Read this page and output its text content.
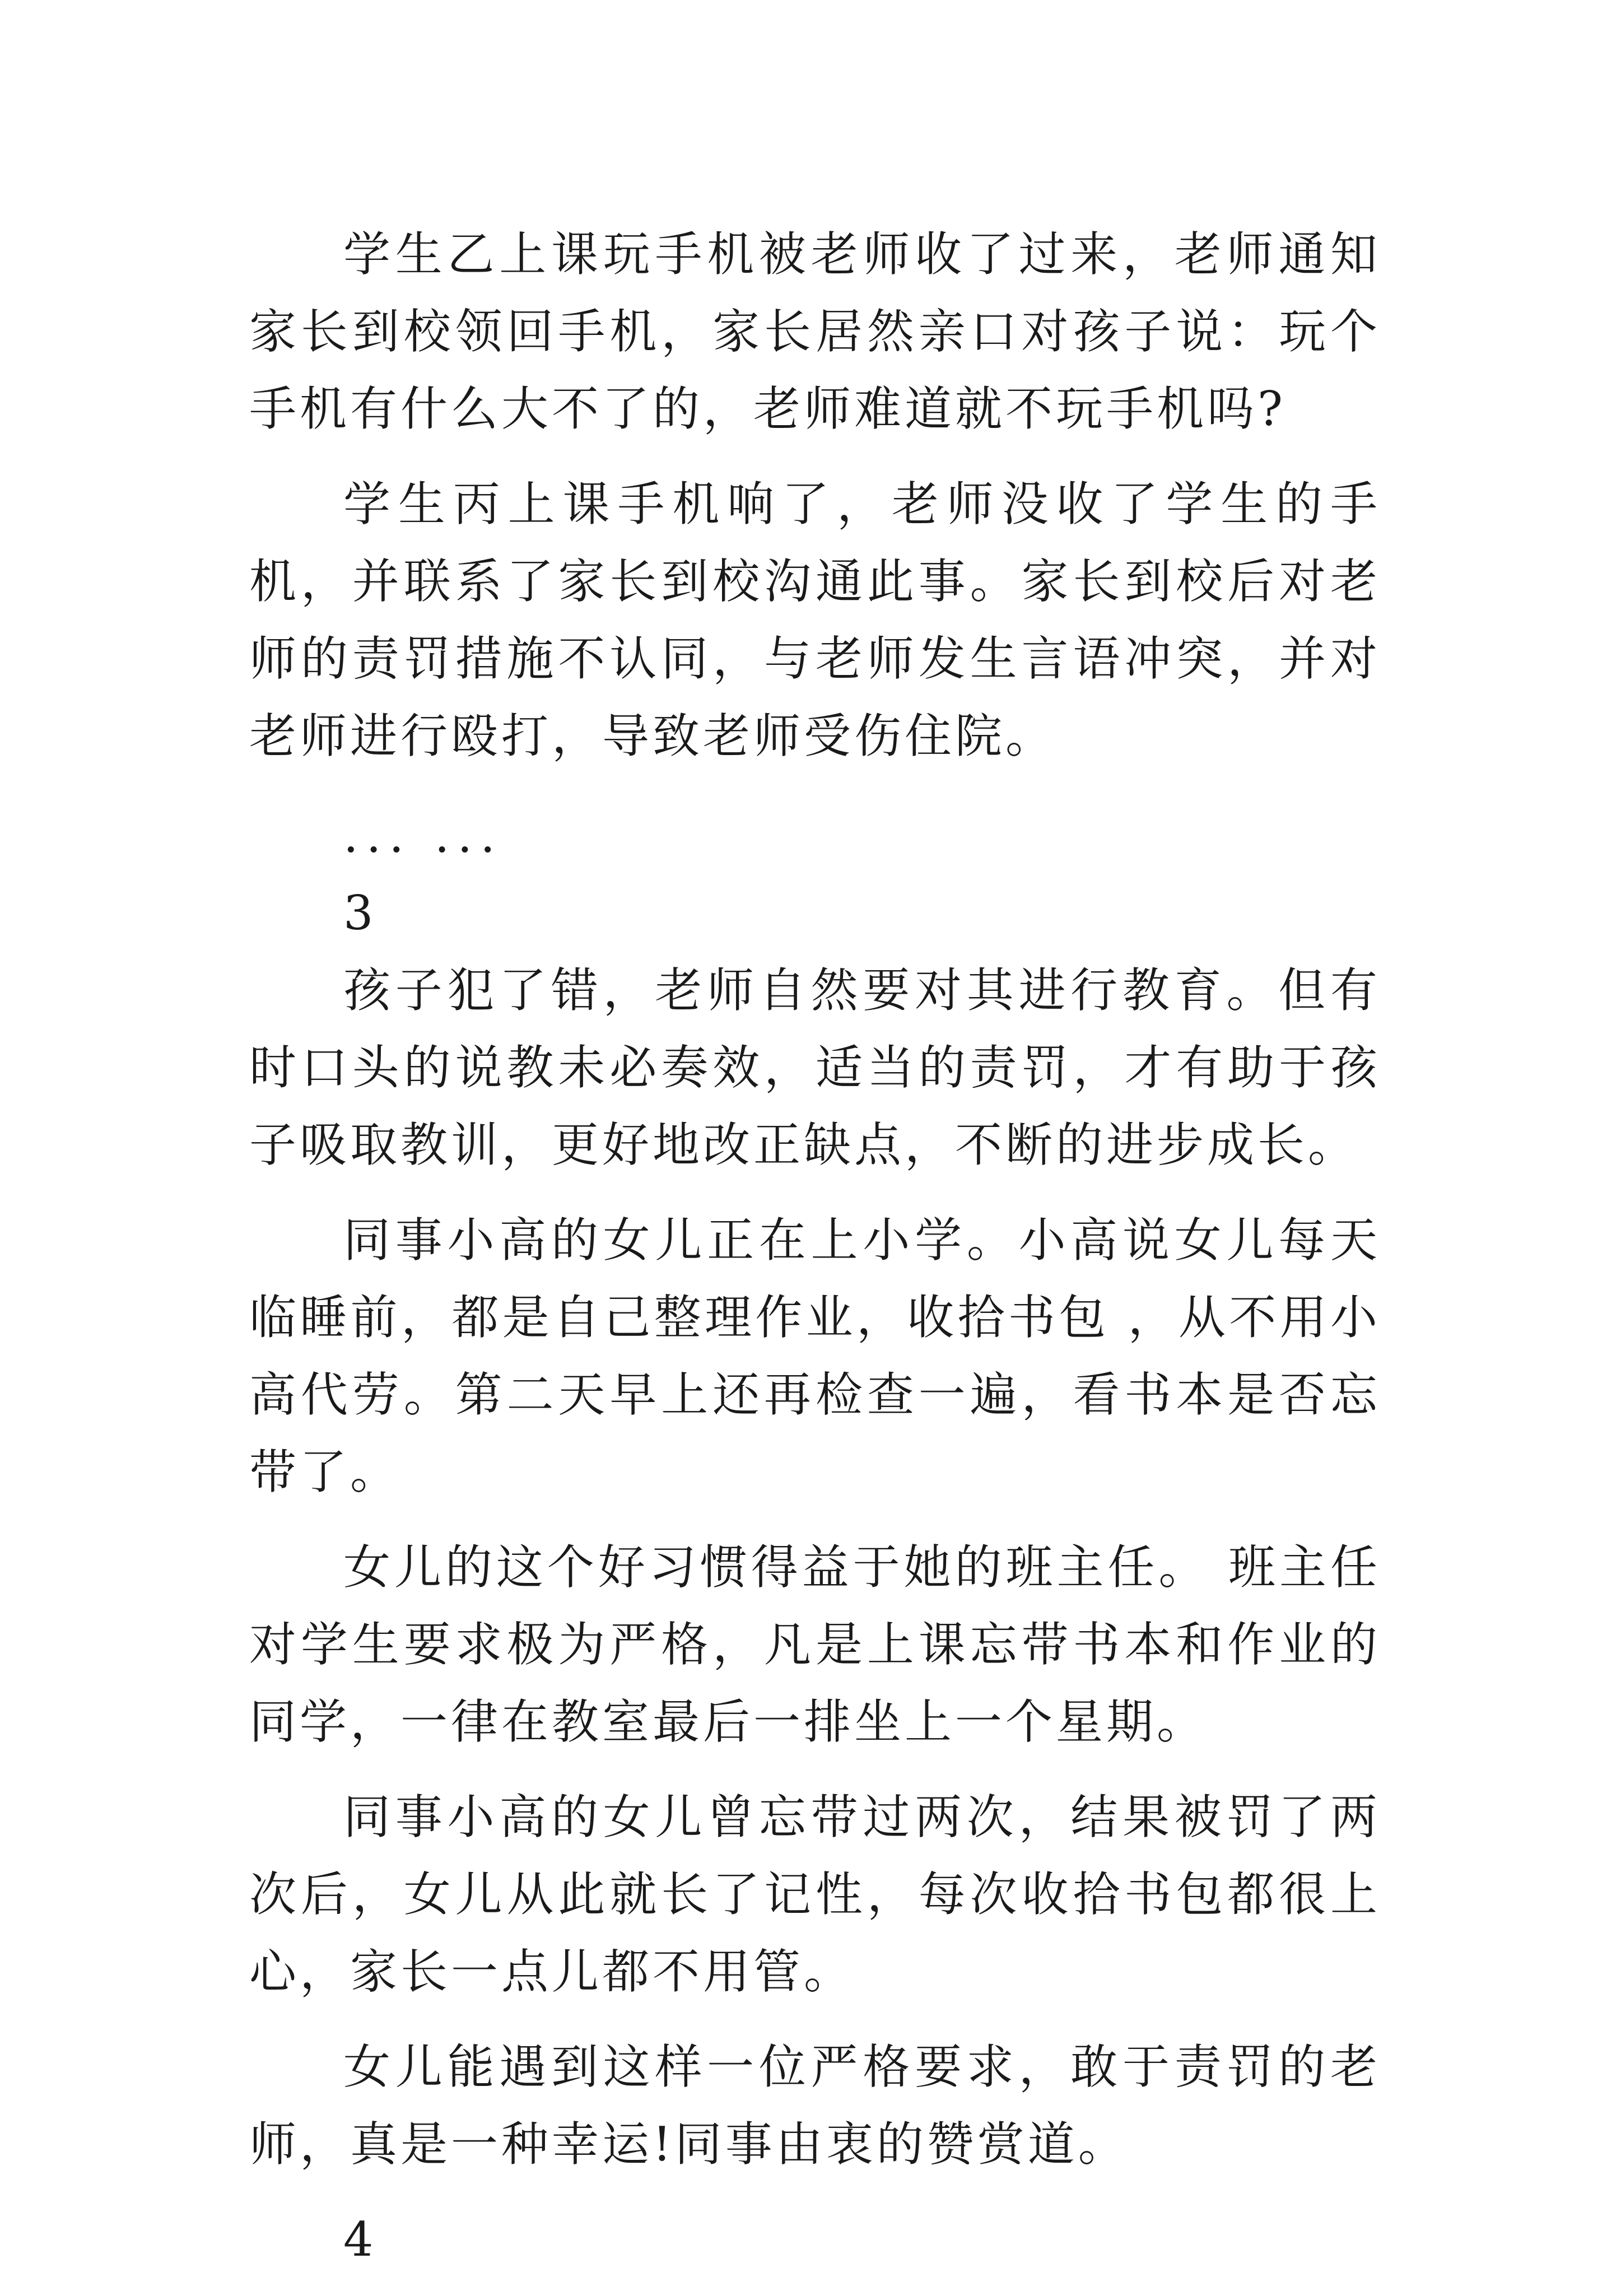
学生乙上课玩手机被老师收了过来，老师通知家长到校领回手机，家长居然亲口对孩子说：玩个手机有什么大不了的，老师难道就不玩手机吗?

学生丙上课手机响了，老师没收了学生的手机，并联系了家长到校沟通此事。家长到校后对老师的责罚措施不认同，与老师发生言语冲突，并对老师进行殴打，导致老师受伤住院。

... ...

3

孩子犯了错，老师自然要对其进行教育。但有时口头的说教未必奏效，适当的责罚，才有助于孩子吸取教训，更好地改正缺点，不断的进步成长。

同事小高的女儿正在上小学。小高说女儿每天临睡前，都是自己整理作业，收拾书包 ，从不用小高代劳。第二天早上还再检查一遍，看书本是否忘带了。

女儿的这个好习惯得益于她的班主任。 班主任对学生要求极为严格，凡是上课忘带书本和作业的同学，一律在教室最后一排坐上一个星期。

同事小高的女儿曾忘带过两次，结果被罚了两次后，女儿从此就长了记性，每次收拾书包都很上心，家长一点儿都不用管。

女儿能遇到这样一位严格要求，敢于责罚的老师，真是一种幸运!同事由衷的赞赏道。

4
